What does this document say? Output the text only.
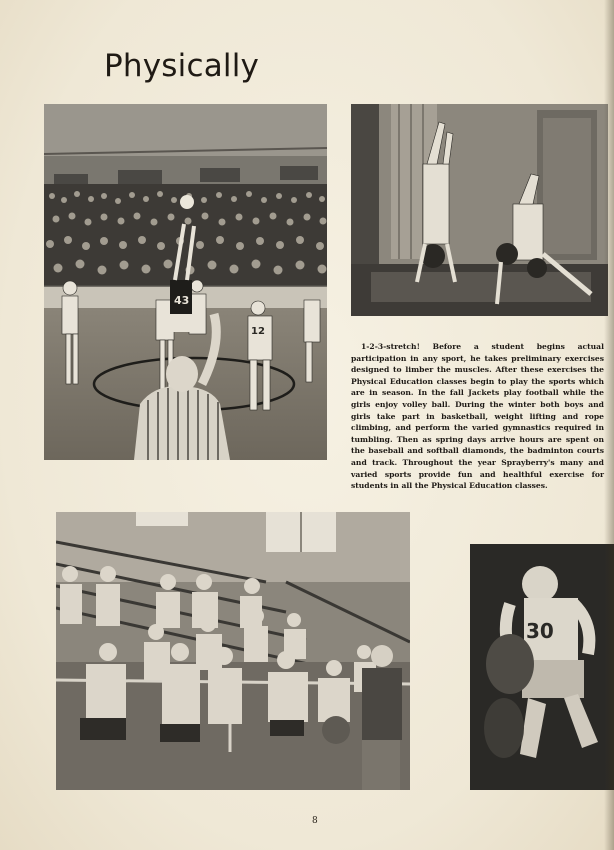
Physically
43
12
1-2-3-stretch! Before a student begins actual participation in any sport, he takes preliminary exercises designed to limber the muscles. After these exercises the Physical Education classes begin to play the sports which are in season. In the fall Jackets play football while the girls enjoy volley ball. During the winter both boys and girls take part in basketball, weight lifting and rope climbing, and perform the varied gymnastics required in tumbling. Then as spring days arrive hours are spent on the baseball and softball diamonds, the badminton courts and track. Throughout the year Sprayberry's many and varied sports provide fun and healthful exercise for students in all the Physical Education classes.
30
8
